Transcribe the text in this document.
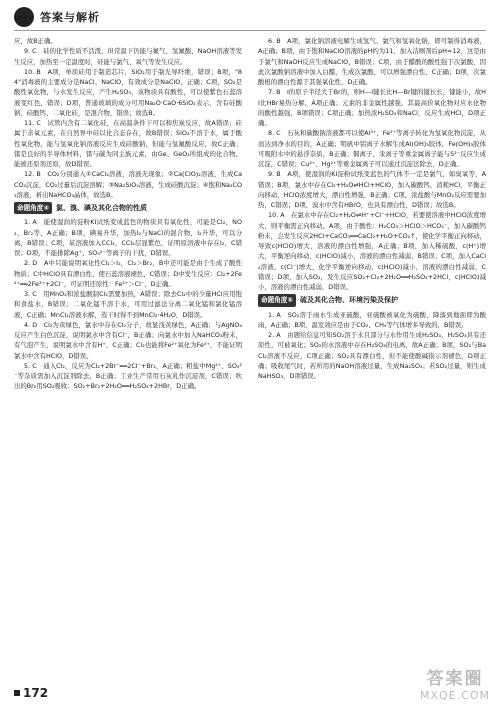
答案与解析

应，故B正确。

9. C　硅的化学性质不活泼，但常温下仍能与氟气、氢氟酸、NaOH溶液等发生反应，加热至一定温度时，硅能与氯气、氧气等发生反应。

10. B　A项，单质硅用于制造芯片，SiO₂用于制光导纤维，错误；B项，"84"消毒液的主要成分是NaCl、NaClO，有效成分是NaClO，正确；C项，SO₂是酸性氧化物，与水发生反应，产生H₂SO₃，该物质具有酸性，可以使紫色石蕊溶液变红色，错误；D项，普通玻璃的成分可用Na₂O·CaO·6SiO₂表示，含有硅酸钠、硅酸钙、二氧化硅，是混合物，错误；故选B。

11. C　试管内含有二氧化硅，在高温条件下可以和焦炭反应，故A错误；硅属于亲氧元素，在自然界中硅以化合态存在，故B错误；SiO₂不溶于水，属于酸性氧化物，能与氢氧化钠溶液反应生成硅酸钠，但能与氢氟酸反应，故C正确；锗是良好的半导体材料，锗与碳为同主族元素，由Ge、GeO₂所组成的化合物，能被还原剂还原，故D错误。

12. B　CO₂分别通入①CaCl₂溶液，溶液无现象；②Ca(ClO)₂溶液，生成CaCO₃沉淀，CO₂过量后沉淀溶解；③Na₂SiO₃溶液，生成硅酸沉淀；④饱和Na₂CO₃溶液，析出NaHCO₃晶体，故选B。

命题角度④	氯、溴、碘及其化合物的性质

1. A　能使湿润的淀粉KI试纸变成蓝色的物质具有氧化性，可能是Cl₂、NO₂、Br₂等，A正确；B项，碘易升华，加热I₂与NaCl的混合物，I₂升华，可以分离，B错误；C项，某溶液加入CCl₄，CCl₄层显紫色，证明原溶液中存在I₂，C错误；D项，不能排除Ag⁺、SO₄²⁻等离子的干扰，D错误。

2. D　A中只能说明氧化性Cl₂＞I₂，Cl₂＞Br₂，B中还可能是由于生成了酸性物质；C中HClO具有漂白性，使石蕊溶液褪色，C错误；D中发生反应：Cl₂+2Fe²⁺══2Fe³⁺+2Cl⁻，可证明还原性：Fe²⁺＞Cl⁻，D正确。

3. C　用MnO₂和浓盐酸制Cl₂需要加热，A错误；除去Cl₂中的少量HCl应用饱和食盐水，B错误；二氧化锰不溶于水，可用过滤法分离二氧化锰和氯化锰溶液，C正确；MnCl₂溶液水解，蒸干时得不到MnCl₂·4H₂O，D错误。

4. D　Cl₂为黄绿色，氯水中存在Cl₂分子，故显浅黄绿色，A正确；与AgNO₃反应产生白色沉淀，说明氯水中含有Cl⁻，B正确；向氯水中加入NaHCO₃粉末，有气泡产生，说明氯水中含有H⁺，C正确；Cl₂也能将Fe²⁺氧化为Fe³⁺，不能证明氯水中含有HClO，D错误。

5. C　通入Cl₂，反应为Cl₂+2Br⁻══2Cl⁻+Br₂，A正确；粗盐中Mg²⁺、SO₄²⁻等杂质需加入沉淀剂除去，B正确；工业生产常用石灰乳作沉淀剂，C错误；吹出的Br₂用SO₂吸收：SO₂+Br₂+2H₂O══H₂SO₄+2HBr，D正确。

6. B　A项，氯化钠溶液电解生成氢气、氯气和氢氧化钠，即可制得消毒液，A正确；B项，由于饱和NaClO溶液的pH约为11，加入洁厕剂后pH=12，这是由于氯气和NaOH反应生成NaClO，B错误；C项，由于醋酸的酸性强于次氯酸，因此次氯酸钠溶液中加入白醋，生成次氯酸，可以增强漂白性，C正确；D项，次氯酸根的漂白性源于其强氧化性，D正确。

7. B　I的原子半径大于Br的，则H—I键长比H—Br键的键长长，键能小，故HI比HBr易热分解，A项正确；元素的非金属性越强，其最高价氧化物对应水化物的酸性越强，B项错误；C项正确；加热浓H₂SO₄和NaCl，反应生成HCl，D项正确。

8. C　石灰和碳酸钠溶液都可以使Al³⁺、Fe³⁺等离子转化为氢氧化物沉淀，从而达到净水的目的，A正确；明矾中铝离子水解生成Al(OH)₃胶体，Fe(OH)₃胶体可吸附水中的悬浮杂质，B正确；铜离子、汞离子等重金属离子能与S²⁻反应生成沉淀，C错误；Cu²⁺、Hg²⁺等重金属离子可以通过沉淀法除去，D正确。

9. B　A项，使湿润的KI淀粉试纸变蓝色的气体不一定是氯气，如臭氧等，A错误；B项，氯水中存在Cl₂+H₂O⇌HCl+HClO，加入碳酸钙，消耗HCl，平衡正向移动，HClO浓度增大，漂白性增强，B正确；C项，浓盐酸与MnO₂反应需要加热，C错误；D项，溴水中含有HBrO，也具有漂白性，D错误；故选B。

10. A　在氯水中存在Cl₂+H₂O⇌H⁺+Cl⁻+HClO，若要使溶液中HClO浓度增大，则平衡需正向移动。A项，由于酸性：H₂CO₃＞HClO＞HCO₃⁻，加入碳酸钙粉末，会发生反应2HCl+CaCO₃══CaCl₂+H₂O+CO₂↑，使化学平衡正向移动，导致c(HClO)增大，溶液的漂白性增强，A正确；B项，加入稀硫酸，c(H⁺)增大，平衡逆向移动，c(HClO)减小，溶液的漂白性减弱，B错误；C项，加入CaCl₂溶液，c(Cl⁻)增大，化学平衡逆向移动，c(HClO)减小，溶液的漂白性减弱，C错误；D项，加入SO₂，发生反应SO₂+Cl₂+2H₂O══H₂SO₄+2HCl，c(HClO)减小，溶液的漂白性减弱，D错误。

命题角度⑤	硫及其化合物、环境污染及保护

1. A　SO₂溶于雨水生成亚硫酸，亚硫酸被氧化为硫酸，降落到地面即为酸雨，A正确；B项，温室效应是由于CO₂、CH₄等气体增多导致的，B错误。

2. A　由题给信息可知SO₂溶于水且部分与水作用生成H₂SO₃，H₂SO₃具有还原性，可被氧化；SO₂的水溶液中存在H₂SO₃的电离，故A正确；B项，SO₂与BaCl₂溶液不反应，C项正确；SO₂具有漂白性，但不能使酸碱指示剂褪色，D项正确；吸收尾气时，若所用的NaOH溶液过量，生成Na₂SO₃；若SO₂过量，则生成NaHSO₃，D项错误。

172
答案圈
MXQE.COM
